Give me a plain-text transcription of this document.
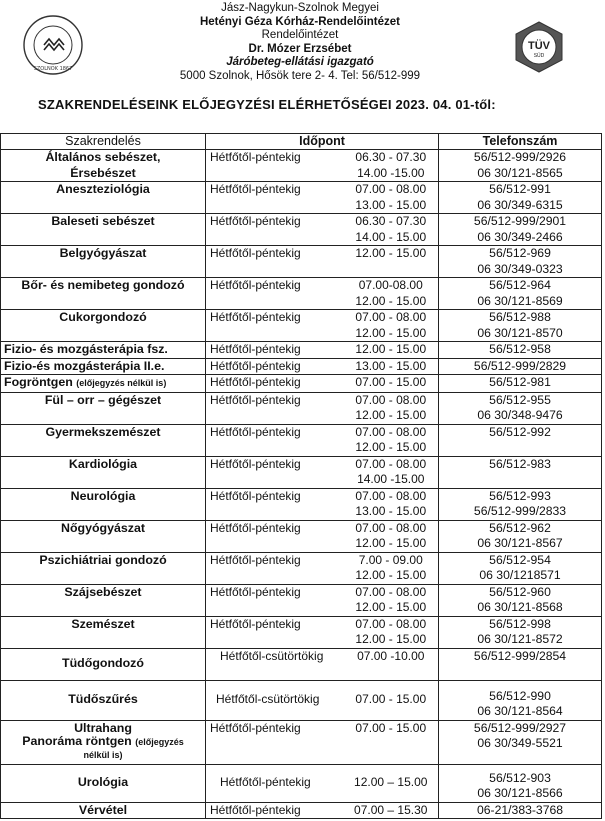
SZOLNOK 1867
Jász-Nagykun-Szolnok Megyei
Hetényi Géza Kórház-Rendelőintézet
Rendelőintézet
Dr. Mózer Erzsébet
Járóbeteg-ellátási igazgató
5000 Szolnok, Hősök tere 2- 4. Tel: 56/512-999
TÜV
SÜD
SZAKRENDELÉSEINK ELŐJEGYZÉSI ELÉRHETŐSÉGEI 2023. 04. 01-től:
Szakrendelés	Időpont		Telefonszám
Általános sebészet,
Érsebészet	Hétfőtől-péntekig	06.30 - 07.30
14.00 -15.00	56/512-999/2926
06 30/121-8565

Aneszteziológia	Hétfőtől-péntekig	07.00 - 08.00
13.00 - 15.00	56/512-991
06 30/349-6315

Baleseti sebészet	Hétfőtől-péntekig	06.30 - 07.30
14.00 - 15.00	56/512-999/2901
06 30/349-2466

Belgyógyászat	Hétfőtől-péntekig	12.00 - 15.00	56/512-969
06 30/349-0323

Bőr- és nemibeteg gondozó	Hétfőtől-péntekig	07.00-08.00
12.00 - 15.00	56/512-964
06 30/121-8569

Cukorgondozó	Hétfőtől-péntekig	07.00 - 08.00
12.00 - 15.00	56/512-988
06 30/121-8570

Fizio- és mozgásterápia fsz.	Hétfőtől-péntekig	12.00 - 15.00	56/512-958

Fizio-és mozgásterápia II.e.	Hétfőtől-péntekig	13.00 - 15.00	56/512-999/2829

Fogröntgen (előjegyzés nélkül is)	Hétfőtől-péntekig	07.00 - 15.00	56/512-981

Fül – orr – gégészet	Hétfőtől-péntekig	07.00 - 08.00
12.00 - 15.00	56/512-955
06 30/348-9476

Gyermekszemészet	Hétfőtől-péntekig	07.00 - 08.00
12.00 - 15.00	56/512-992

Kardiológia	Hétfőtől-péntekig	07.00 - 08.00
14.00 -15.00	56/512-983

Neurológia	Hétfőtől-péntekig	07.00 - 08.00
13.00 - 15.00	56/512-993
56/512-999/2833

Nőgyógyászat	Hétfőtől-péntekig	07.00 - 08.00
12.00 - 15.00	56/512-962
06 30/121-8567

Pszichiátriai gondozó	Hétfőtől-péntekig	7.00 - 09.00
12.00 - 15.00	56/512-954
06 30/1218571

Szájsebészet	Hétfőtől-péntekig	07.00 - 08.00
12.00 - 15.00	56/512-960
06 30/121-8568

Szemészet	Hétfőtől-péntekig	07.00 - 08.00
12.00 - 15.00	56/512-998
06 30/121-8572

Tüdőgondozó	Hétfőtől-csütörtökig	07.00 -10.00	56/512-999/2854

Tüdőszűrés	Hétfőtől-csütörtökig	07.00 - 15.00	56/512-990
06 30/121-8564

Ultrahang
Panoráma röntgen (előjegyzés
nélkül is)	Hétfőtől-péntekig	07.00 - 15.00	56/512-999/2927
06 30/349-5521

Urológia	Hétfőtől-péntekig	12.00 – 15.00	56/512-903
06 30/121-8566

Vérvétel	Hétfőtől-péntekig	07.00 – 15.30	06-21/383-3768
